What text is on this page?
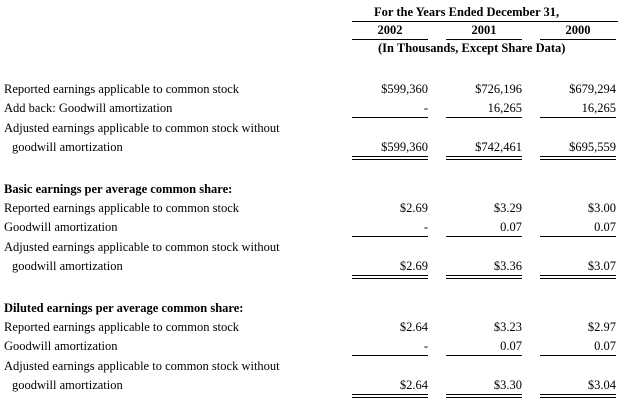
For the Years Ended December 31,
2002	2001	2000
(In Thousands, Except Share Data)
Reported earnings applicable to common stock	$599,360	$726,196	$679,294
Add back: Goodwill amortization	-	16,265	16,265
Adjusted earnings applicable to common stock without
goodwill amortization	$599,360	$742,461	$695,559
Basic earnings per average common share:
Reported earnings applicable to common stock	$2.69	$3.29	$3.00
Goodwill amortization	-	0.07	0.07
Adjusted earnings applicable to common stock without
goodwill amortization	$2.69	$3.36	$3.07
Diluted earnings per average common share:
Reported earnings applicable to common stock	$2.64	$3.23	$2.97
Goodwill amortization	-	0.07	0.07
Adjusted earnings applicable to common stock without
goodwill amortization	$2.64	$3.30	$3.04
